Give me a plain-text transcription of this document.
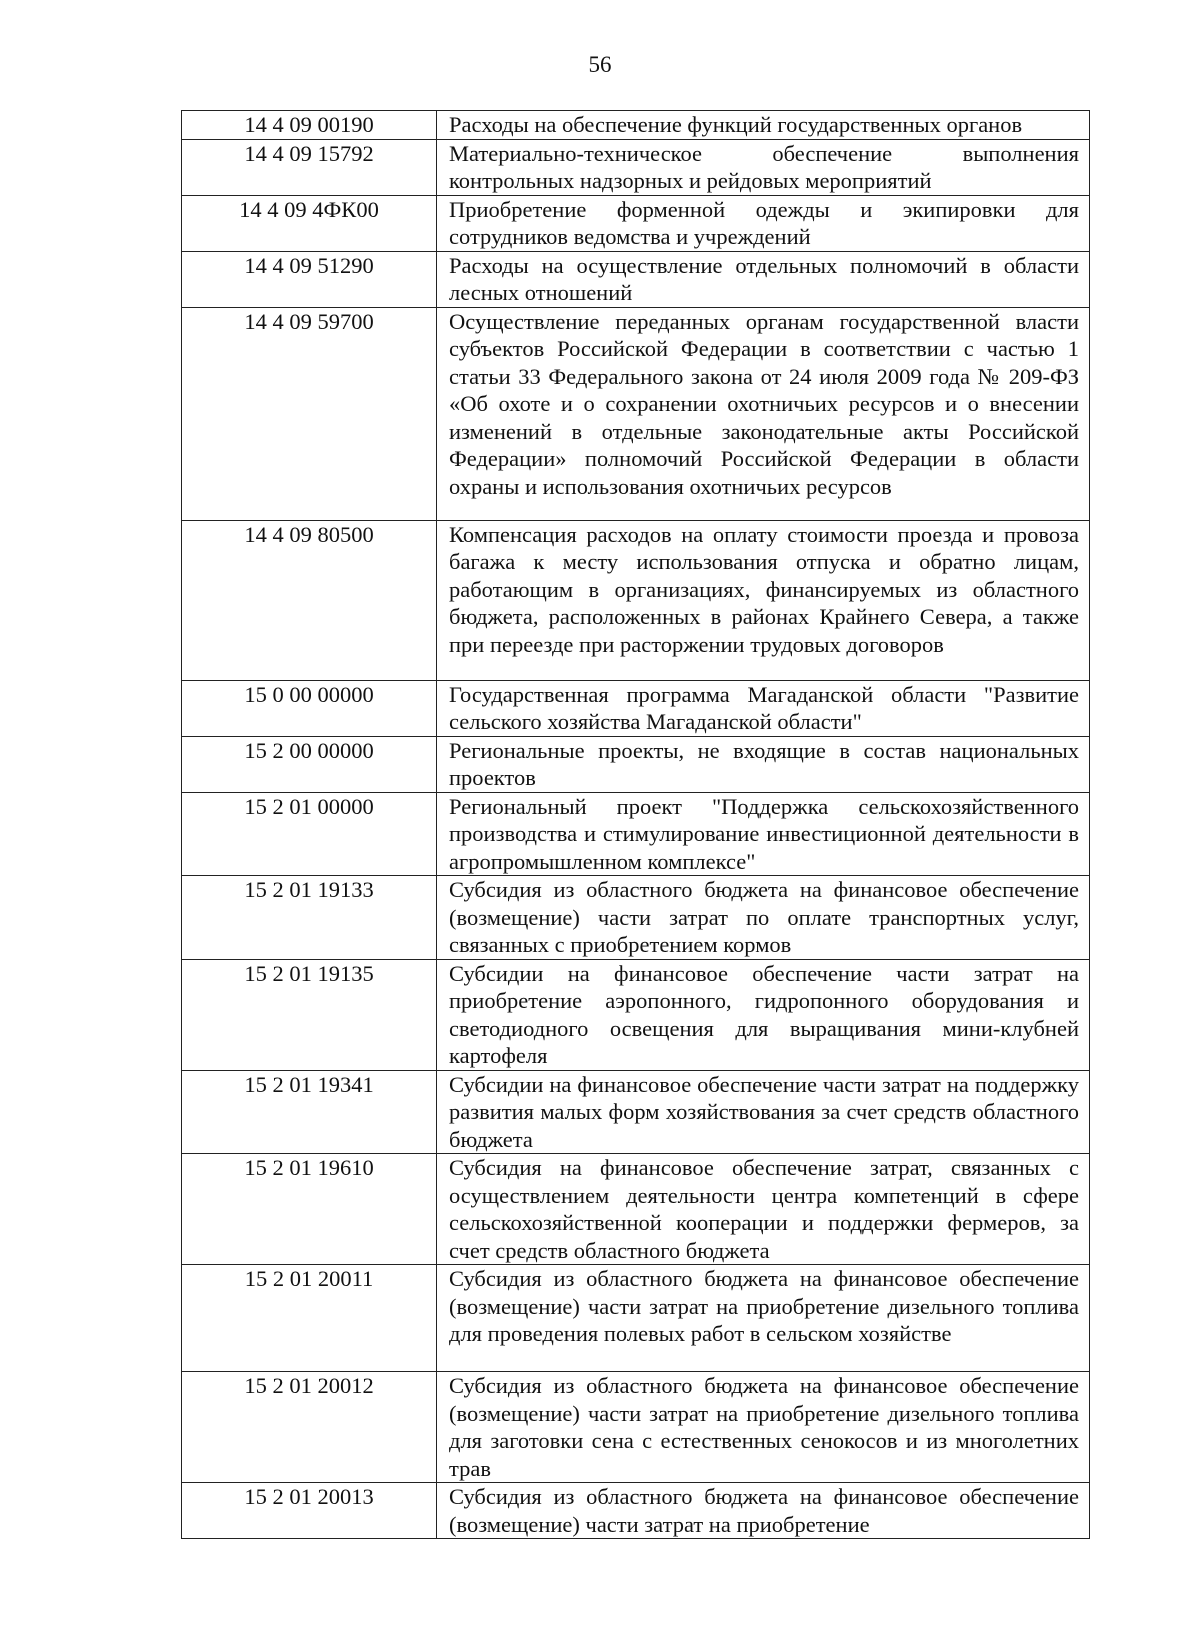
56
14 4 09 00190	Расходы на обеспечение функций государственных органов
14 4 09 15792	Материально-техническое обеспечение выполнения контрольных надзорных и рейдовых мероприятий
14 4 09 4ФК00	Приобретение форменной одежды и экипировки для сотрудников ведомства и учреждений
14 4 09 51290	Расходы на осуществление отдельных полномочий в области лесных отношений
14 4 09 59700	Осуществление переданных органам государственной власти субъектов Российской Федерации в соответствии с частью 1 статьи 33 Федерального закона от 24 июля 2009 года № 209-ФЗ «Об охоте и о сохранении охотничьих ресурсов и о внесении изменений в отдельные законодательные акты Российской Федерации» полномочий Российской Федерации в области охраны и использования охотничьих ресурсов
14 4 09 80500	Компенсация расходов на оплату стоимости проезда и провоза багажа к месту использования отпуска и обратно лицам, работающим в организациях, финансируемых из областного бюджета, расположенных в районах Крайнего Севера, а также при переезде при расторжении трудовых договоров
15 0 00 00000	Государственная программа Магаданской области "Развитие сельского хозяйства Магаданской области"
15 2 00 00000	Региональные проекты, не входящие в состав национальных проектов
15 2 01 00000	Региональный проект "Поддержка сельскохозяйственного производства и стимулирование инвестиционной деятельности в агропромышленном комплексе"
15 2 01 19133	Субсидия из областного бюджета на финансовое обеспечение (возмещение) части затрат по оплате транспортных услуг, связанных с приобретением кормов
15 2 01 19135	Субсидии на финансовое обеспечение части затрат на приобретение аэропонного, гидропонного оборудования и светодиодного освещения для выращивания мини-клубней картофеля
15 2 01 19341	Субсидии на финансовое обеспечение части затрат на поддержку развития малых форм хозяйствования за счет средств областного бюджета
15 2 01 19610	Субсидия на финансовое обеспечение затрат, связанных с осуществлением деятельности центра компетенций в сфере сельскохозяйственной кооперации и поддержки фермеров, за счет средств областного бюджета
15 2 01 20011	Субсидия из областного бюджета на финансовое обеспечение (возмещение) части затрат на приобретение дизельного топлива для проведения полевых работ в сельском хозяйстве
15 2 01 20012	Субсидия из областного бюджета на финансовое обеспечение (возмещение) части затрат на приобретение дизельного топлива для заготовки сена с естественных сенокосов и из многолетних трав
15 2 01 20013	Субсидия из областного бюджета на финансовое обеспечение (возмещение) части затрат на приобретение
